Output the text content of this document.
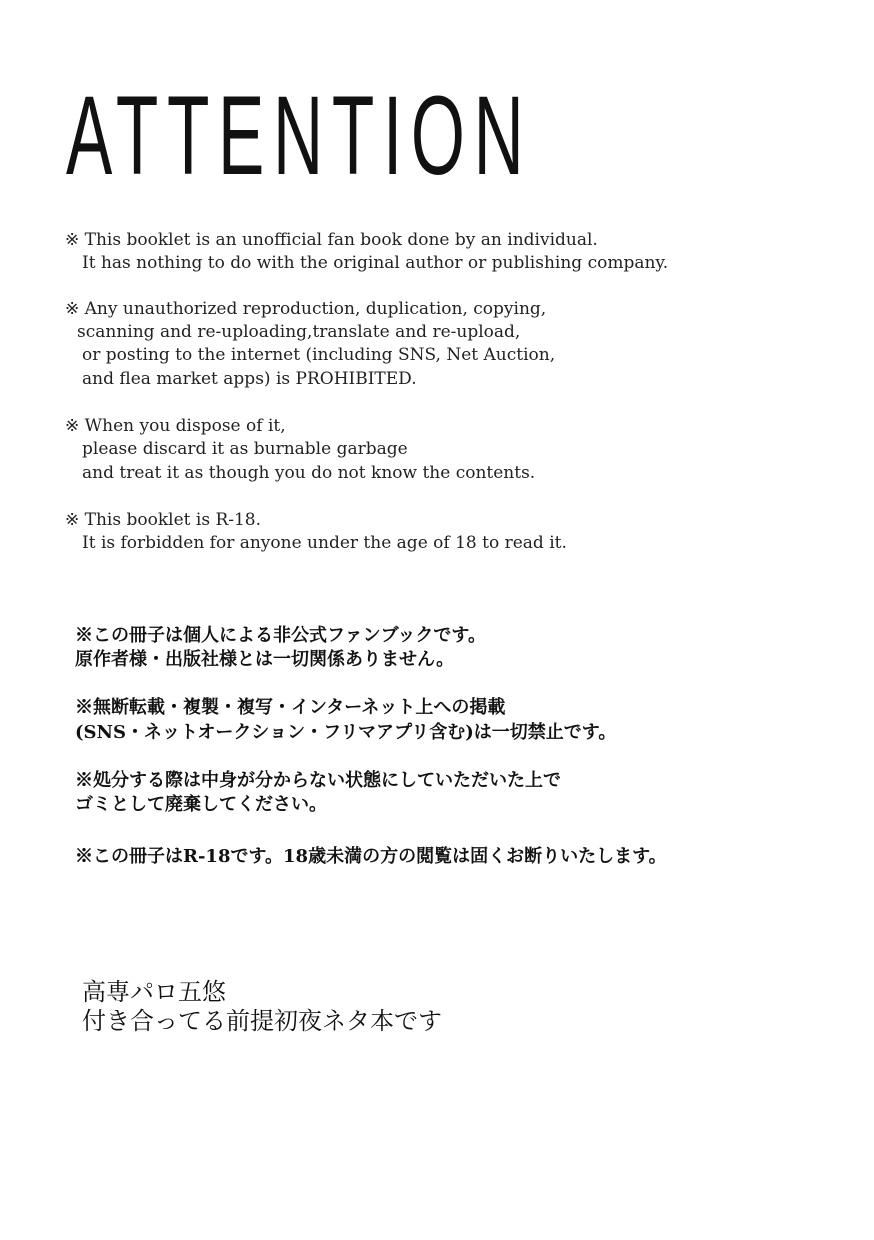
ATTENTION
※ This booklet is an unofficial fan book done by an individual.
It has nothing to do with the original author or publishing company.
※ Any unauthorized reproduction, duplication, copying,
scanning and re-uploading,translate and re-upload,
or posting to the internet (including SNS, Net Auction,
and flea market apps) is PROHIBITED.
※ When you dispose of it,
please discard it as burnable garbage
and treat it as though you do not know the contents.
※ This booklet is R-18.
It is forbidden for anyone under the age of 18 to read it.
※この冊子は個人による非公式ファンブックです。
原作者様・出版社様とは一切関係ありません。
※無断転載・複製・複写・インターネット上への掲載
(SNS・ネットオークション・フリマアプリ含む)は一切禁止です。
※処分する際は中身が分からない状態にしていただいた上で
ゴミとして廃棄してください。
※この冊子はR-18です。18歳未満の方の閲覧は固くお断りいたします。
高専パロ五悠
付き合ってる前提初夜ネタ本です
